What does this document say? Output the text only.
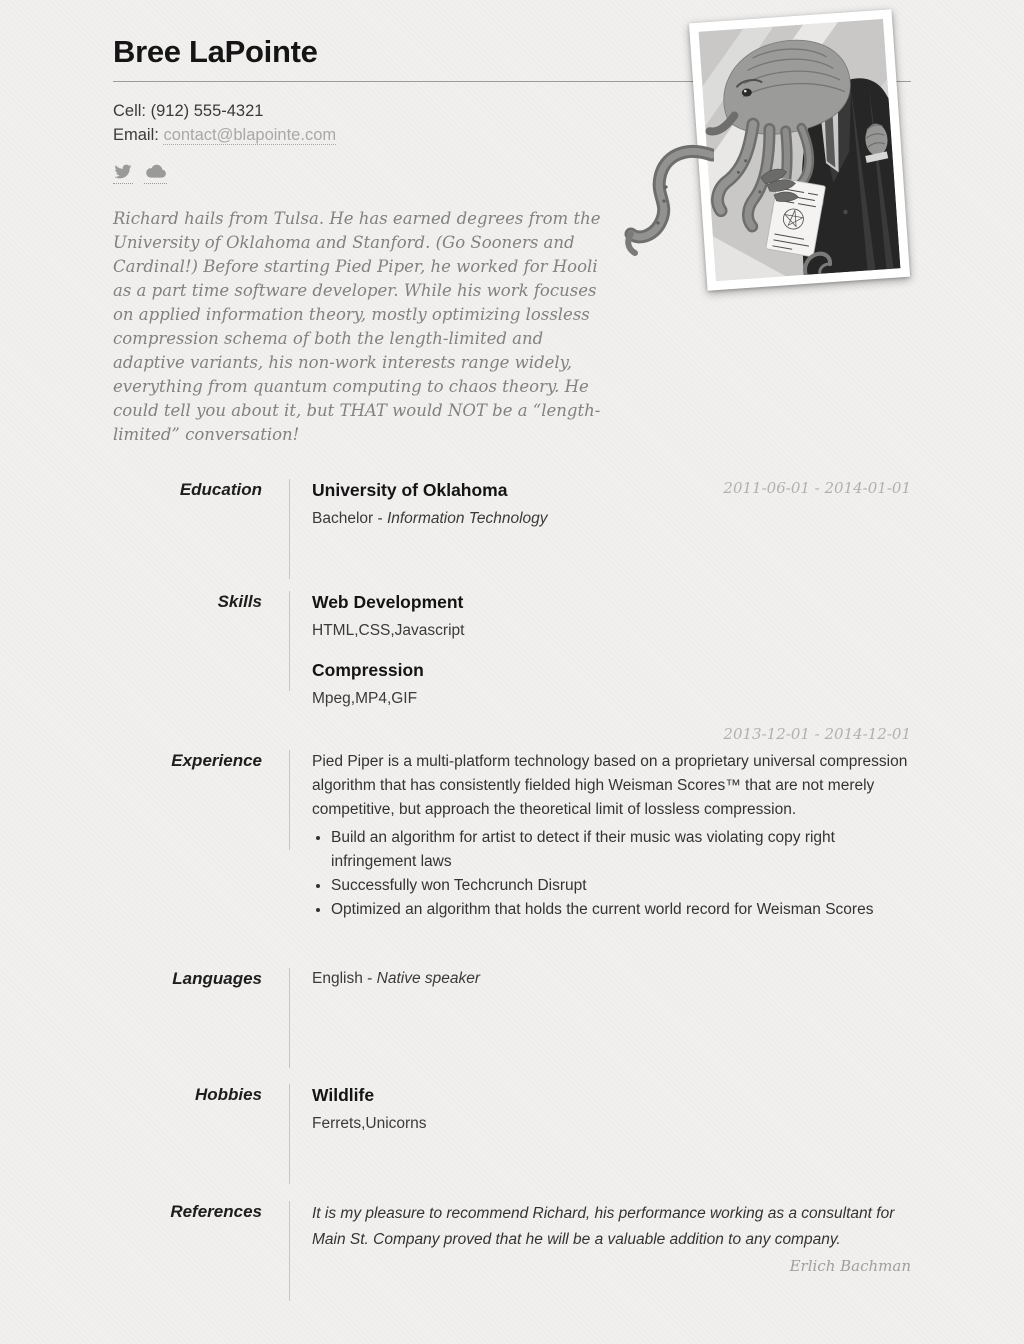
Bree LaPointe
Cell: (912) 555-4321
Email: contact@blapointe.com

Richard hails from Tulsa. He has earned degrees from the University of Oklahoma and Stanford. (Go Sooners and Cardinal!) Before starting Pied Piper, he worked for Hooli as a part time software developer. While his work focuses on applied information theory, mostly optimizing lossless compression schema of both the length-limited and adaptive variants, his non-work interests range widely, everything from quantum computing to chaos theory. He could tell you about it, but THAT would NOT be a “length-limited” conversation!

Education	2011-06-01 - 2014-01-01
University of Oklahoma

Bachelor - Information Technology

Skills	Web Development

HTML,CSS,Javascript

Compression

Mpeg,MP4,GIF

2013-12-01 - 2014-12-01
Experience	Pied Piper is a multi-platform technology based on a proprietary universal compression algorithm that has consistently fielded high Weisman Scores™ that are not merely competitive, but approach the theoretical limit of lossless compression.

• Build an algorithm for artist to detect if their music was violating copy right infringement laws
• Successfully won Techcrunch Disrupt
• Optimized an algorithm that holds the current world record for Weisman Scores
Languages	English - Native speaker

Hobbies	Wildlife

Ferrets,Unicorns

References	It is my pleasure to recommend Richard, his performance working as a consultant for Main St. Company proved that he will be a valuable addition to any company.

Erlich Bachman
